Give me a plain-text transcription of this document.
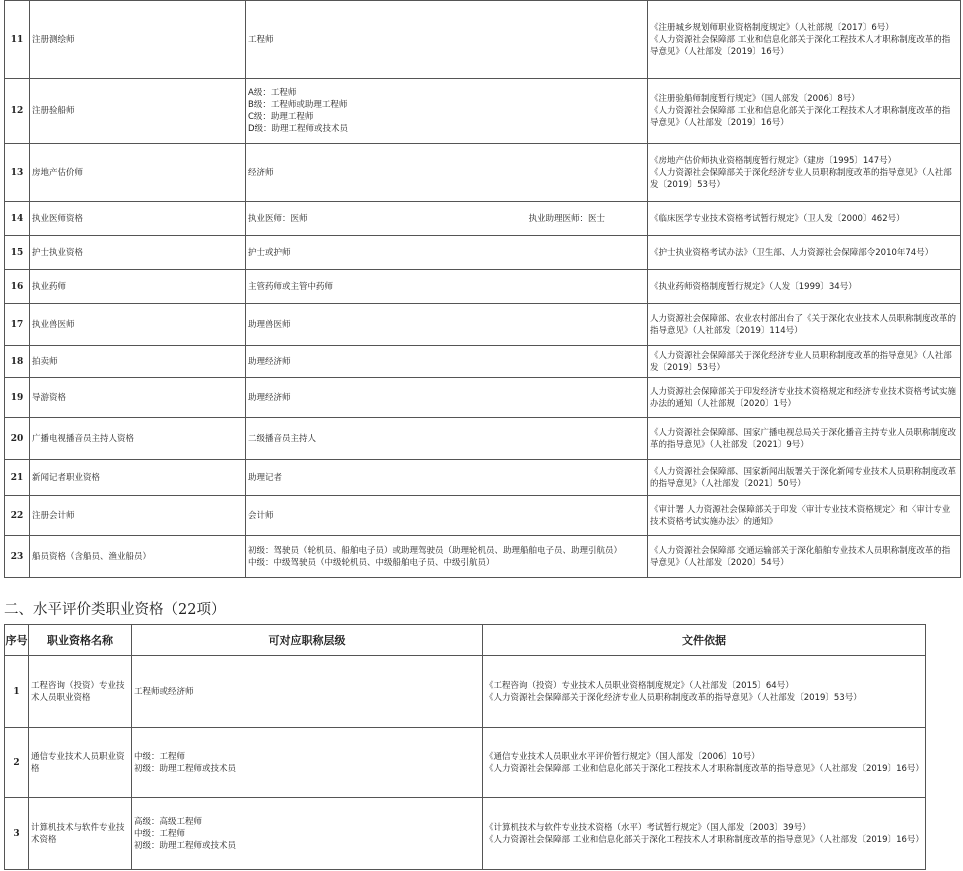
11	注册测绘师	工程师	《注册城乡规划师职业资格制度规定》（人社部规〔2017〕6号）
《人力资源社会保障部 工业和信息化部关于深化工程技术人才职称制度改革的指导意见》（人社部发〔2019〕16号）
12	注册验船师	A级：工程师
B级：工程师或助理工程师
C级：助理工程师
D级：助理工程师或技术员	《注册验船师制度暂行规定》（国人部发〔2006〕8号）
《人力资源社会保障部 工业和信息化部关于深化工程技术人才职称制度改革的指导意见》（人社部发〔2019〕16号）
13	房地产估价师	经济师	《房地产估价师执业资格制度暂行规定》（建房〔1995〕147号）
《人力资源社会保障部关于深化经济专业人员职称制度改革的指导意见》（人社部发〔2019〕53号）
14	执业医师资格	执业医师：医师 执业助理医师：医士	《临床医学专业技术资格考试暂行规定》（卫人发〔2000〕462号）
15	护士执业资格	护士或护师	《护士执业资格考试办法》（卫生部、人力资源社会保障部令2010年74号）
16	执业药师	主管药师或主管中药师	《执业药师资格制度暂行规定》（人发〔1999〕34号）
17	执业兽医师	助理兽医师	人力资源社会保障部、农业农村部出台了《关于深化农业技术人员职称制度改革的指导意见》（人社部发〔2019〕114号）
18	拍卖师	助理经济师	《人力资源社会保障部关于深化经济专业人员职称制度改革的指导意见》（人社部发〔2019〕53号）
19	导游资格	助理经济师	人力资源社会保障部关于印发经济专业技术资格规定和经济专业技术资格考试实施办法的通知（人社部规〔2020〕1号）
20	广播电视播音员主持人资格	二级播音员主持人	《人力资源社会保障部、国家广播电视总局关于深化播音主持专业人员职称制度改革的指导意见》（人社部发〔2021〕9号）
21	新闻记者职业资格	助理记者	《人力资源社会保障部、国家新闻出版署关于深化新闻专业技术人员职称制度改革的指导意见》（人社部发〔2021〕50号）
22	注册会计师	会计师	《审计署 人力资源社会保障部关于印发〈审计专业技术资格规定〉和〈审计专业技术资格考试实施办法〉的通知》
23	船员资格（含船员、渔业船员）	初级：驾驶员（轮机员、船舶电子员）或助理驾驶员（助理轮机员、助理船舶电子员、助理引航员）
中级：中级驾驶员（中级轮机员、中级船舶电子员、中级引航员）	《人力资源社会保障部 交通运输部关于深化船舶专业技术人员职称制度改革的指导意见》（人社部发〔2020〕54号）
二、水平评价类职业资格（22项）
序号	职业资格名称	可对应职称层级	文件依据
1	工程咨询（投资）专业技术人员职业资格	工程师或经济师	《工程咨询（投资）专业技术人员职业资格制度规定》（人社部发〔2015〕64号）
《人力资源社会保障部关于深化经济专业人员职称制度改革的指导意见》（人社部发〔2019〕53号）
2	通信专业技术人员职业资格	中级：工程师
初级：助理工程师或技术员	《通信专业技术人员职业水平评价暂行规定》（国人部发〔2006〕10号）
《人力资源社会保障部 工业和信息化部关于深化工程技术人才职称制度改革的指导意见》（人社部发〔2019〕16号）
3	计算机技术与软件专业技术资格	高级：高级工程师
中级：工程师
初级：助理工程师或技术员	《计算机技术与软件专业技术资格（水平）考试暂行规定》（国人部发〔2003〕39号）
《人力资源社会保障部 工业和信息化部关于深化工程技术人才职称制度改革的指导意见》（人社部发〔2019〕16号）
